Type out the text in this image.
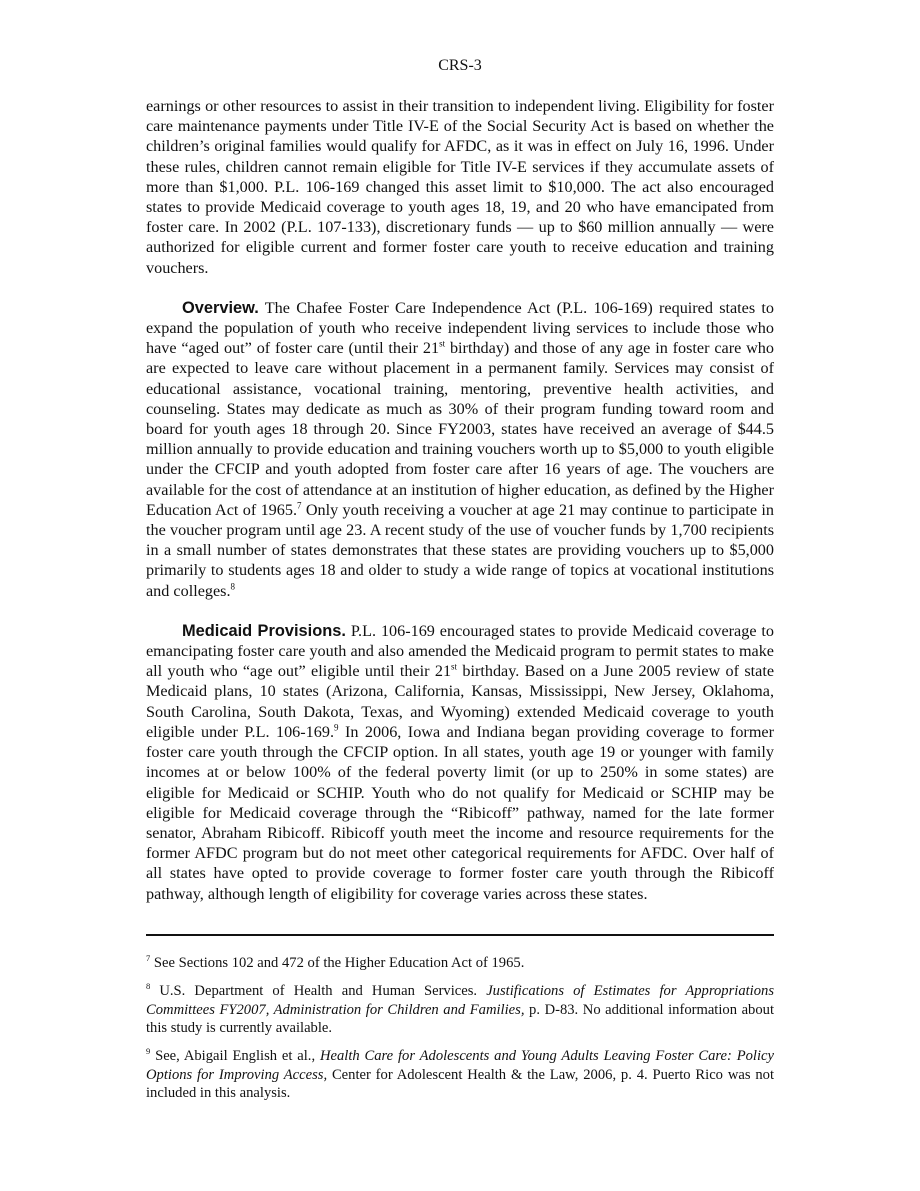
CRS-3

earnings or other resources to assist in their transition to independent living. Eligibility for foster care maintenance payments under Title IV-E of the Social Security Act is based on whether the children’s original families would qualify for AFDC, as it was in effect on July 16, 1996. Under these rules, children cannot remain eligible for Title IV-E services if they accumulate assets of more than $1,000. P.L. 106-169 changed this asset limit to $10,000. The act also encouraged states to provide Medicaid coverage to youth ages 18, 19, and 20 who have emancipated from foster care. In 2002 (P.L. 107-133), discretionary funds — up to $60 million annually — were authorized for eligible current and former foster care youth to receive education and training vouchers.

Overview. The Chafee Foster Care Independence Act (P.L. 106-169) required states to expand the population of youth who receive independent living services to include those who have “aged out” of foster care (until their 21st birthday) and those of any age in foster care who are expected to leave care without placement in a permanent family. Services may consist of educational assistance, vocational training, mentoring, preventive health activities, and counseling. States may dedicate as much as 30% of their program funding toward room and board for youth ages 18 through 20. Since FY2003, states have received an average of $44.5 million annually to provide education and training vouchers worth up to $5,000 to youth eligible under the CFCIP and youth adopted from foster care after 16 years of age. The vouchers are available for the cost of attendance at an institution of higher education, as defined by the Higher Education Act of 1965.$^7$ Only youth receiving a voucher at age 21 may continue to participate in the voucher program until age 23. A recent study of the use of voucher funds by 1,700 recipients in a small number of states demonstrates that these states are providing vouchers up to $5,000 primarily to students ages 18 and older to study a wide range of topics at vocational institutions and colleges.$^8$

Medicaid Provisions. P.L. 106-169 encouraged states to provide Medicaid coverage to emancipating foster care youth and also amended the Medicaid program to permit states to make all youth who “age out” eligible until their 21st birthday. Based on a June 2005 review of state Medicaid plans, 10 states (Arizona, California, Kansas, Mississippi, New Jersey, Oklahoma, South Carolina, South Dakota, Texas, and Wyoming) extended Medicaid coverage to youth eligible under P.L. 106-169.$^9$ In 2006, Iowa and Indiana began providing coverage to former foster care youth through the CFCIP option. In all states, youth age 19 or younger with family incomes at or below 100% of the federal poverty limit (or up to 250% in some states) are eligible for Medicaid or SCHIP. Youth who do not qualify for Medicaid or SCHIP may be eligible for Medicaid coverage through the “Ribicoff” pathway, named for the late former senator, Abraham Ribicoff. Ribicoff youth meet the income and resource requirements for the former AFDC program but do not meet other categorical requirements for AFDC. Over half of all states have opted to provide coverage to former foster care youth through the Ribicoff pathway, although length of eligibility for coverage varies across these states.

$^7$ See Sections 102 and 472 of the Higher Education Act of 1965.

$^8$ U.S. Department of Health and Human Services. Justifications of Estimates for Appropriations Committees FY2007, Administration for Children and Families, p. D-83. No additional information about this study is currently available.

$^9$ See, Abigail English et al., Health Care for Adolescents and Young Adults Leaving Foster Care: Policy Options for Improving Access, Center for Adolescent Health & the Law, 2006, p. 4. Puerto Rico was not included in this analysis.
